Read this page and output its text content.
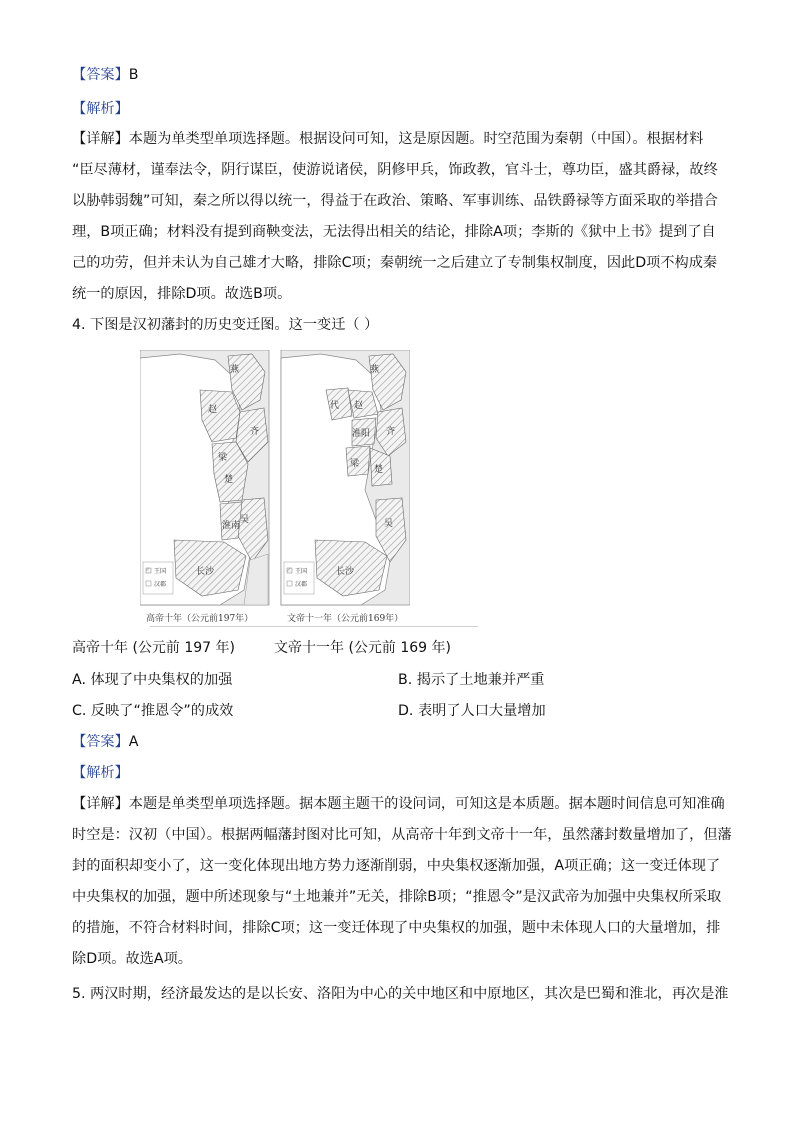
【答案】B
【解析】
【详解】本题为单类型单项选择题。根据设问可知，这是原因题。时空范围为秦朝（中国）。根据材料
“臣尽薄材，谨奉法令，阴行谋臣，使游说诸侯，阴修甲兵，饰政教，官斗士，尊功臣，盛其爵禄，故终
以胁韩弱魏”可知，秦之所以得以统一，得益于在政治、策略、军事训练、品铁爵禄等方面采取的举措合
理，B项正确；材料没有提到商鞅变法，无法得出相关的结论，排除A项；李斯的《狱中上书》提到了自
己的功劳，但并未认为自己雄才大略，排除C项；秦朝统一之后建立了专制集权制度，因此D项不构成秦
统一的原因，排除D项。故选B项。
4. 下图是汉初藩封的历史变迁图。这一变迁（ ）
燕
赵
梁
楚
齐
吴
淮南
长沙
王国
汉郡
高帝十年（公元前197年）
燕
代 赵
齐
淮阳
梁
楚
吴
长沙
王国
汉郡
文帝十一年（公元前169年）
高帝十年 (公元前 197 年)	文帝十一年 (公元前 169 年)
A. 体现了中央集权的加强	B. 揭示了土地兼并严重
C. 反映了“推恩令”的成效	D. 表明了人口大量增加
【答案】A
【解析】
【详解】本题是单类型单项选择题。据本题主题干的设问词，可知这是本质题。据本题时间信息可知准确
时空是：汉初（中国）。根据两幅藩封图对比可知，从高帝十年到文帝十一年，虽然藩封数量增加了，但藩
封的面积却变小了，这一变化体现出地方势力逐渐削弱，中央集权逐渐加强，A项正确；这一变迁体现了
中央集权的加强，题中所述现象与“土地兼并”无关，排除B项；“推恩令”是汉武帝为加强中央集权所采取
的措施，不符合材料时间，排除C项；这一变迁体现了中央集权的加强，题中未体现人口的大量增加，排
除D项。故选A项。
5. 两汉时期，经济最发达的是以长安、洛阳为中心的关中地区和中原地区，其次是巴蜀和淮北，再次是淮
